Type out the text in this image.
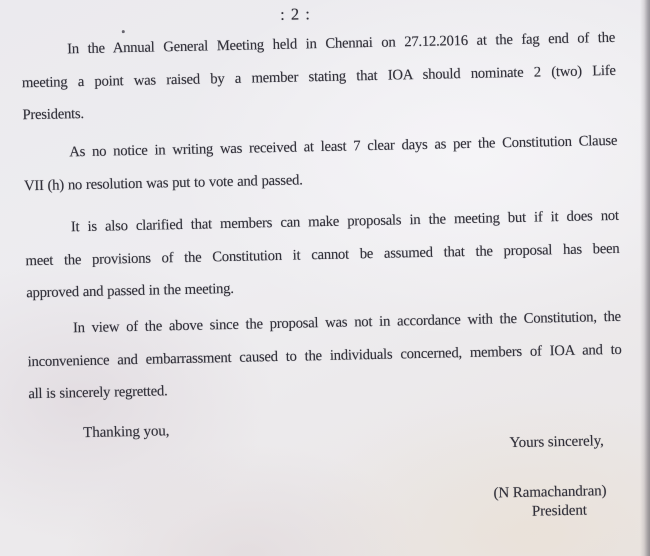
: 2 :
In the Annual General Meeting held in Chennai on 27.12.2016 at the fag end of the
meeting a point was raised by a member stating that IOA should nominate 2 (two) Life
Presidents.
As no notice in writing was received at least 7 clear days as per the Constitution Clause
VII (h) no resolution was put to vote and passed.
It is also clarified that members can make proposals in the meeting but if it does not
meet the provisions of the Constitution it cannot be assumed that the proposal has been
approved and passed in the meeting.
In view of the above since the proposal was not in accordance with the Constitution, the
inconvenience and embarrassment caused to the individuals concerned, members of IOA and to
all is sincerely regretted.
Thanking you,
Yours sincerely,
(N Ramachandran)
President
